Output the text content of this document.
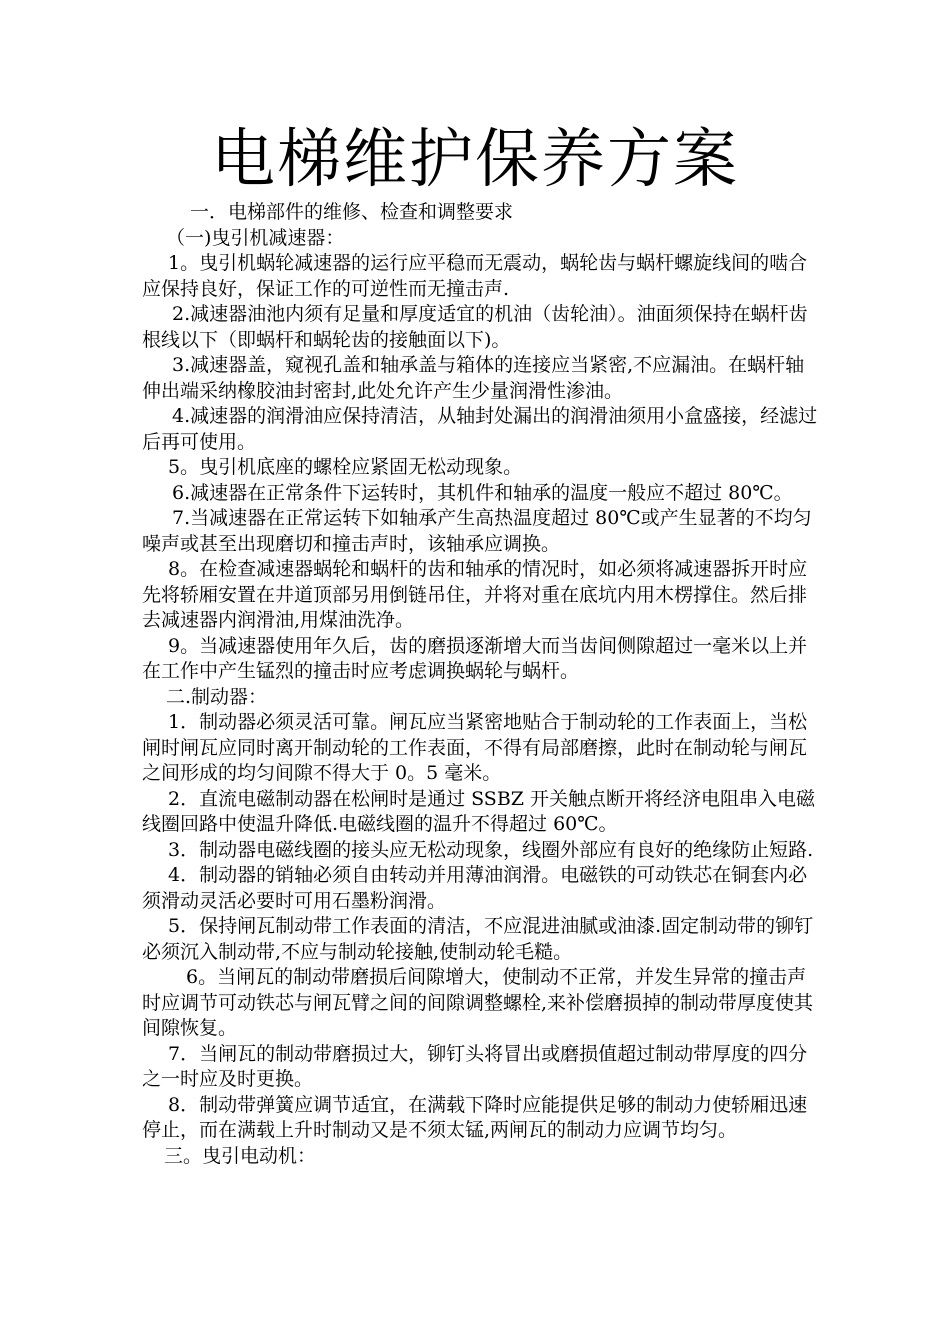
电梯维护保养方案

一．电梯部件的维修、检查和调整要求

（一)曳引机减速器：

1。曳引机蜗轮减速器的运行应平稳而无震动，蜗轮齿与蜗杆螺旋线间的啮合应保持良好，保证工作的可逆性而无撞击声.

2.减速器油池内须有足量和厚度适宜的机油（齿轮油）。油面须保持在蜗杆齿根线以下（即蜗杆和蜗轮齿的接触面以下)。

3.减速器盖，窥视孔盖和轴承盖与箱体的连接应当紧密,不应漏油。在蜗杆轴伸出端采纳橡胶油封密封,此处允许产生少量润滑性渗油。

4.减速器的润滑油应保持清洁，从轴封处漏出的润滑油须用小盒盛接，经滤过后再可使用。

5。曳引机底座的螺栓应紧固无松动现象。

6.减速器在正常条件下运转时，其机件和轴承的温度一般应不超过 80℃。

7.当减速器在正常运转下如轴承产生高热温度超过 80℃或产生显著的不均匀噪声或甚至出现磨切和撞击声时，该轴承应调换。

8。在检查减速器蜗轮和蜗杆的齿和轴承的情况时，如必须将减速器拆开时应先将轿厢安置在井道顶部另用倒链吊住，并将对重在底坑内用木楞撑住。然后排去减速器内润滑油,用煤油洗净。

9。当减速器使用年久后，齿的磨损逐渐增大而当齿间侧隙超过一毫米以上并在工作中产生锰烈的撞击时应考虑调换蜗轮与蜗杆。

二.制动器：

1．制动器必须灵活可靠。闸瓦应当紧密地贴合于制动轮的工作表面上，当松闸时闸瓦应同时离开制动轮的工作表面，不得有局部磨擦，此时在制动轮与闸瓦之间形成的均匀间隙不得大于 0。5 毫米。

2．直流电磁制动器在松闸时是通过 SSBZ 开关触点断开将经济电阻串入电磁线圈回路中使温升降低.电磁线圈的温升不得超过 60℃。

3．制动器电磁线圈的接头应无松动现象，线圈外部应有良好的绝缘防止短路.

4．制动器的销轴必须自由转动并用薄油润滑。电磁铁的可动铁芯在铜套内必须滑动灵活必要时可用石墨粉润滑。

5．保持闸瓦制动带工作表面的清洁，不应混进油腻或油漆.固定制动带的铆钉必须沉入制动带,不应与制动轮接触,使制动轮毛糙。

6。当闸瓦的制动带磨损后间隙增大，使制动不正常，并发生异常的撞击声时应调节可动铁芯与闸瓦臂之间的间隙调整螺栓,来补偿磨损掉的制动带厚度使其间隙恢复。

7．当闸瓦的制动带磨损过大，铆钉头将冒出或磨损值超过制动带厚度的四分之一时应及时更换。

8．制动带弹簧应调节适宜，在满载下降时应能提供足够的制动力使轿厢迅速停止，而在满载上升时制动又是不须太锰,两闸瓦的制动力应调节均匀。

三。曳引电动机：
